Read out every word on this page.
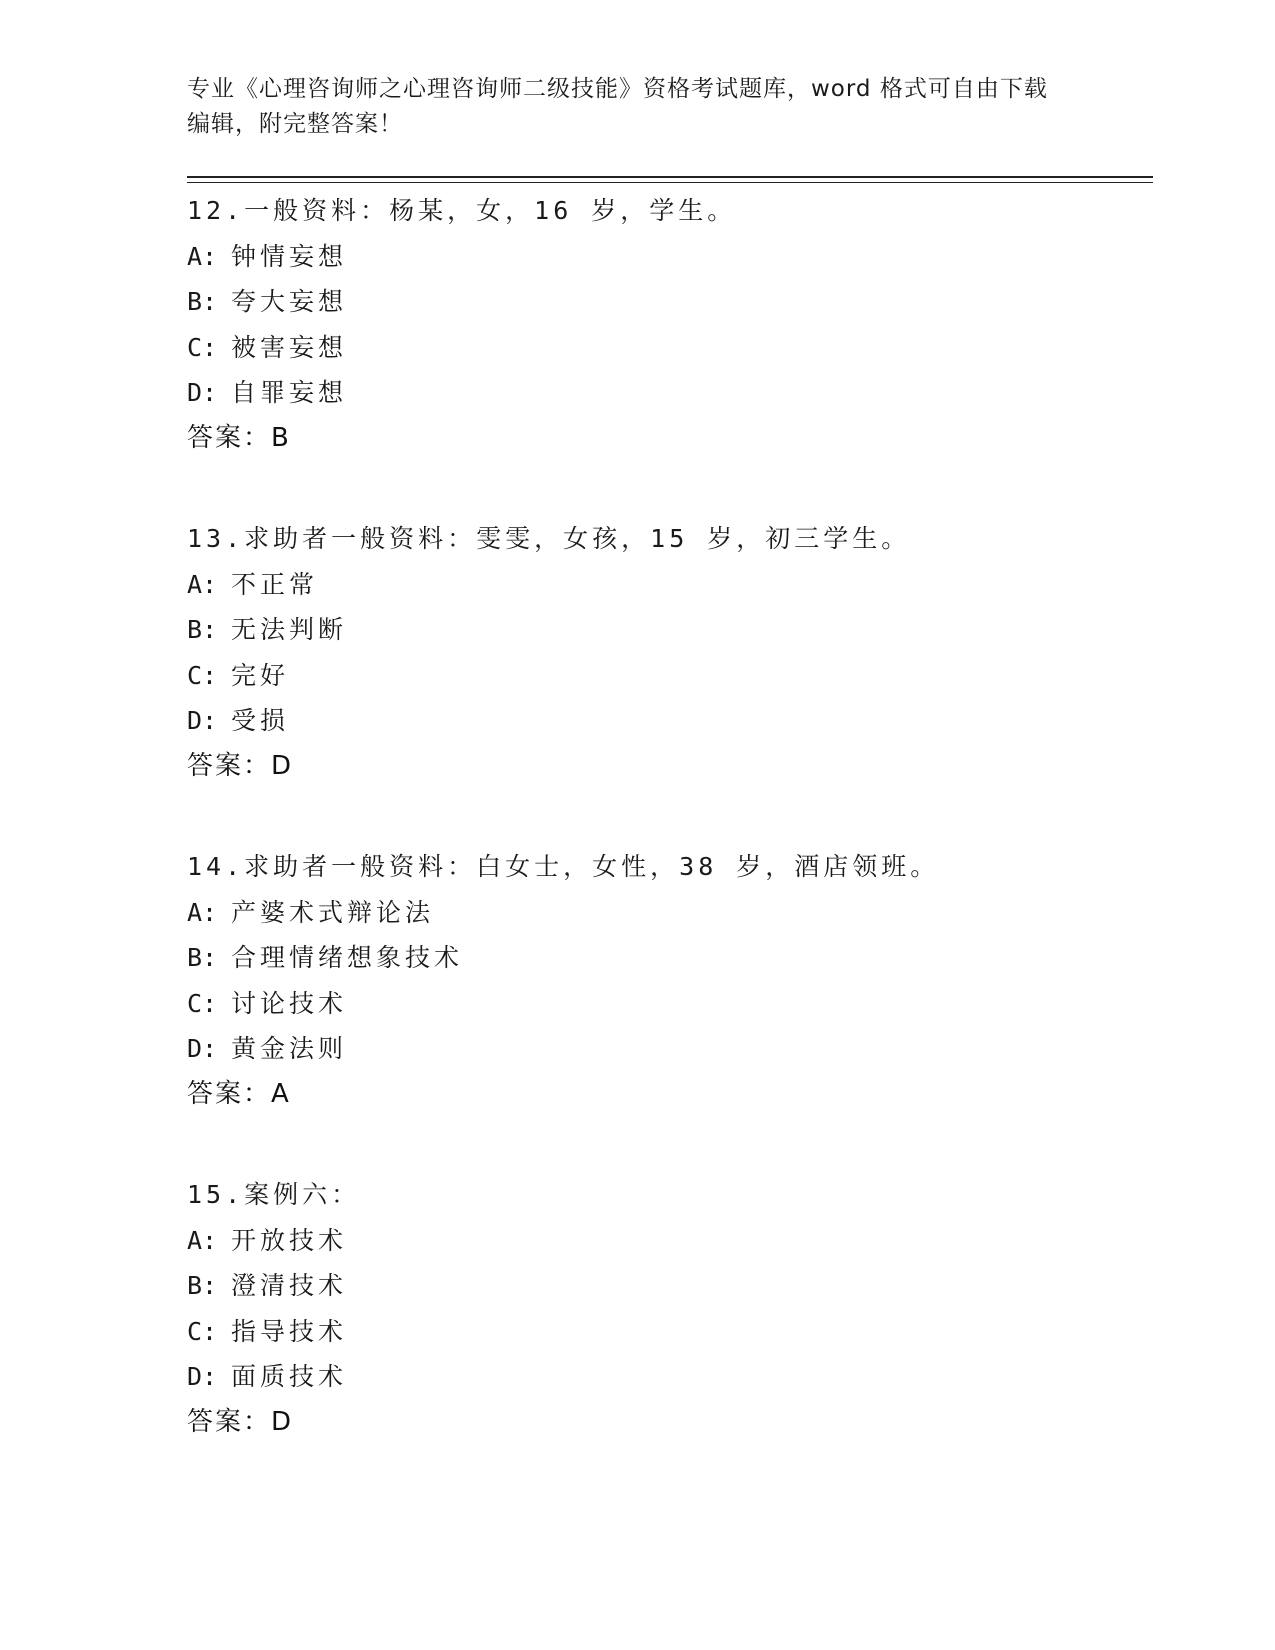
专业《心理咨询师之心理咨询师二级技能》资格考试题库，word 格式可自由下载
编辑，附完整答案！
12.一般资料：杨某，女，16 岁，学生。
A: 钟情妄想
B: 夸大妄想
C: 被害妄想
D: 自罪妄想
答案：B
13.求助者一般资料：雯雯，女孩，15 岁，初三学生。
A: 不正常
B: 无法判断
C: 完好
D: 受损
答案：D
14.求助者一般资料：白女士，女性，38 岁，酒店领班。
A: 产婆术式辩论法
B: 合理情绪想象技术
C: 讨论技术
D: 黄金法则
答案：A
15.案例六：
A: 开放技术
B: 澄清技术
C: 指导技术
D: 面质技术
答案：D
